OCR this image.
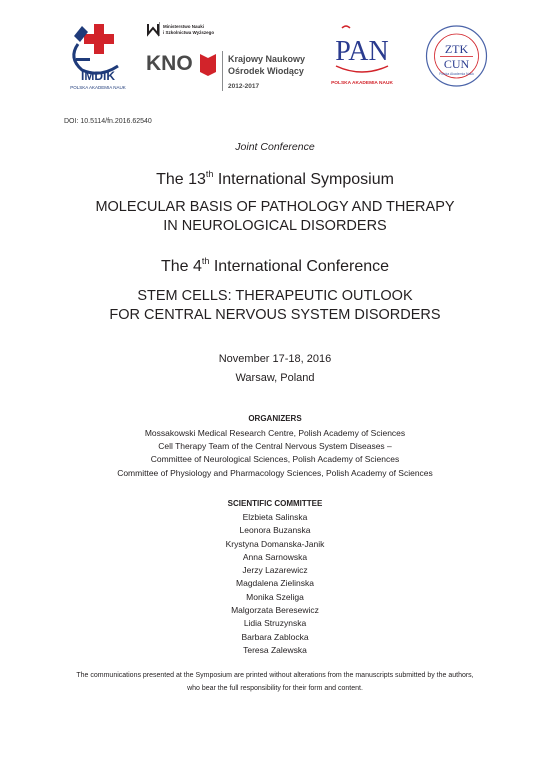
IMDIK
POLSKA AKADEMIA NAUK
Ministerstwo Nauki
i Szkolnictwa Wyższego
KNO	Krajowy Naukowy
Ośrodek Wiodący
2012-2017
PAN
POLSKA AKADEMIA NAUK
ZTK
CUN
Polska Akademia Nauk
DOI: 10.5114/fn.2016.62540
Joint Conference
The 13th International Symposium
MOLECULAR BASIS OF PATHOLOGY AND THERAPY
IN NEUROLOGICAL DISORDERS
The 4th International Conference
STEM CELLS: THERAPEUTIC OUTLOOK
FOR CENTRAL NERVOUS SYSTEM DISORDERS
November 17-18, 2016
Warsaw, Poland
ORGANIZERS
Mossakowski Medical Research Centre, Polish Academy of Sciences
Cell Therapy Team of the Central Nervous System Diseases –
Committee of Neurological Sciences, Polish Academy of Sciences
Committee of Physiology and Pharmacology Sciences, Polish Academy of Sciences
SCIENTIFIC COMMITTEE
Elzbieta Salinska
Leonora Buzanska
Krystyna Domanska-Janik
Anna Sarnowska
Jerzy Lazarewicz
Magdalena Zielinska
Monika Szeliga
Malgorzata Beresewicz
Lidia Struzynska
Barbara Zablocka
Teresa Zalewska
The communications presented at the Symposium are printed without alterations from the manuscripts submitted by the authors,
who bear the full responsibility for their form and content.
